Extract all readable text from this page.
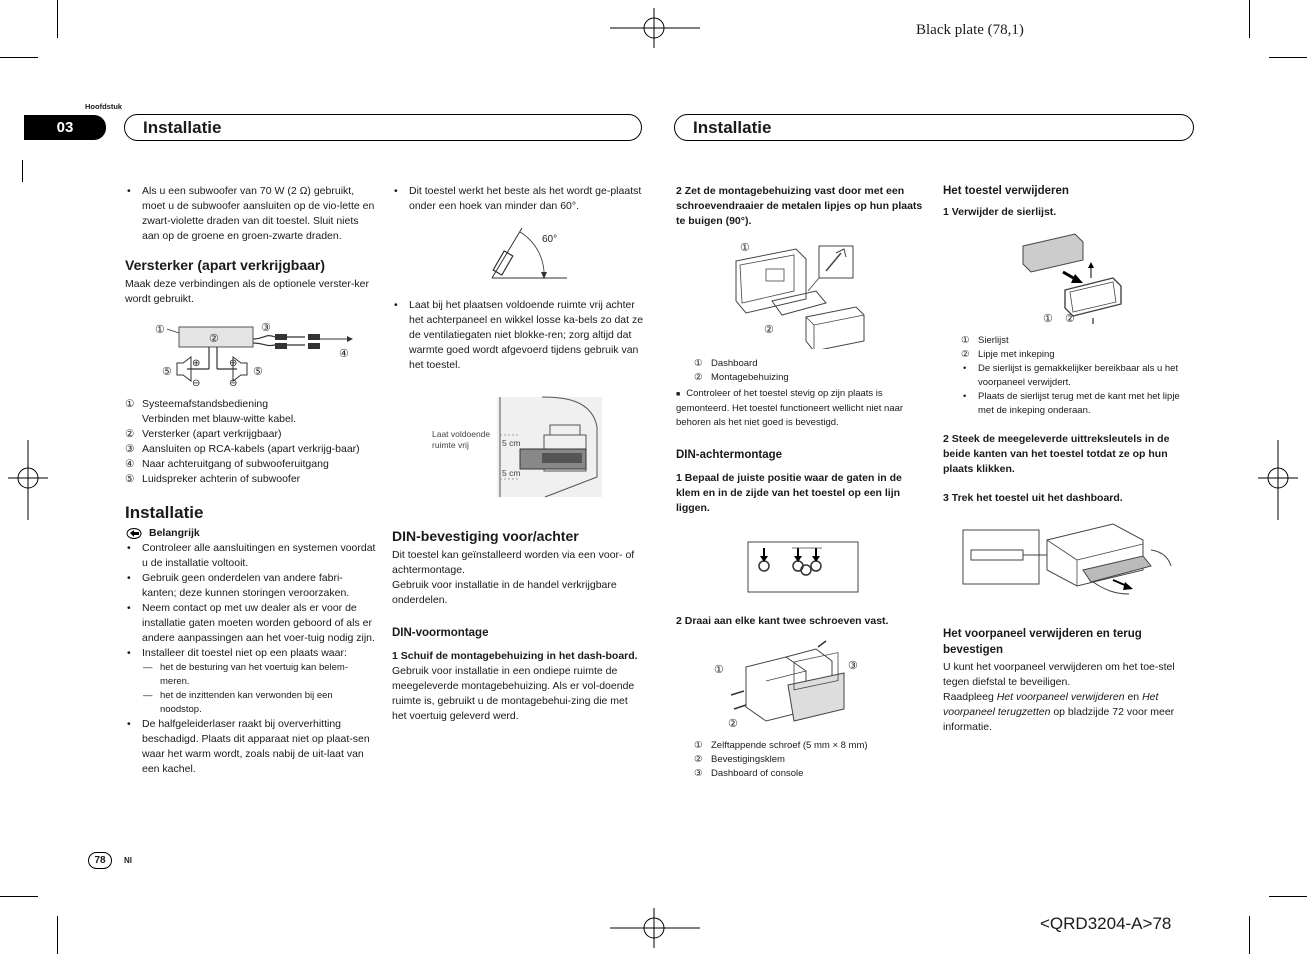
Black plate (78,1)
Hoofdstuk
03	Installatie	Installatie
• Als u een subwoofer van 70 W (2 Ω) gebruikt, moet u de subwoofer aansluiten op de vio-lette en zwart-violette draden van dit toestel. Sluit niets aan op de groene en groen-zwarte draden.
Versterker (apart verkrijgbaar)

Maak deze verbindingen als de optionele verster-ker wordt gebruikt.

①
②
③
④
⊕
⊖
⊕
⊖
⑤	⑤
① Systeemafstandsbediening
Verbinden met blauw-witte kabel.
② Versterker (apart verkrijgbaar)
③ Aansluiten op RCA-kabels (apart verkrijg-baar)
④ Naar achteruitgang of subwooferuitgang
⑤ Luidspreker achterin of subwoofer
Installatie
Belangrijk
• Controleer alle aansluitingen en systemen voordat u de installatie voltooit.
• Gebruik geen onderdelen van andere fabri-kanten; deze kunnen storingen veroorzaken.
• Neem contact op met uw dealer als er voor de installatie gaten moeten worden geboord of als er andere aanpassingen aan het voer-tuig nodig zijn.
• Installeer dit toestel niet op een plaats waar:
— het de besturing van het voertuig kan belem-meren.
— het de inzittenden kan verwonden bij een noodstop.
• De halfgeleiderlaser raakt bij oververhitting beschadigd. Plaats dit apparaat niet op plaat-sen waar het warm wordt, zoals nabij de uit-laat van een kachel.
• Dit toestel werkt het beste als het wordt ge-plaatst onder een hoek van minder dan 60°.
60°
• Laat bij het plaatsen voldoende ruimte vrij achter het achterpaneel en wikkel losse ka-bels zo dat ze de ventilatiegaten niet blokke-ren; zorg altijd dat warmte goed wordt afgevoerd tijdens gebruik van het toestel.
Laat voldoende
ruimte vrij	5 cm
5 cm
DIN-bevestiging voor/achter

Dit toestel kan geïnstalleerd worden via een voor- of achtermontage.

Gebruik voor installatie in de handel verkrijgbare onderdelen.

DIN-voormontage
1 Schuif de montagebehuizing in het dash-board.

Gebruik voor installatie in een ondiepe ruimte de meegeleverde montagebehuizing. Als er vol-doende ruimte is, gebruikt u de montagebehui-zing die met het voertuig geleverd werd.

2 Zet de montagebehuizing vast door met een schroevendraaier de metalen lipjes op hun plaats te buigen (90°).
①
②
① Dashboard
② Montagebehuizing

■ Controleer of het toestel stevig op zijn plaats is gemonteerd. Het toestel functioneert wellicht niet naar behoren als het niet goed is bevestigd.

DIN-achtermontage
1 Bepaal de juiste positie waar de gaten in de klem en in de zijde van het toestel op een lijn liggen.
2 Draai aan elke kant twee schroeven vast.
①
②
③
① Zelftappende schroef (5 mm × 8 mm)
② Bevestigingsklem
③ Dashboard of console
Het toestel verwijderen
1 Verwijder de sierlijst.
① ②
① Sierlijst
② Lipje met inkeping
• De sierlijst is gemakkelijker bereikbaar als u het voorpaneel verwijdert.
• Plaats de sierlijst terug met de kant met het lipje met de inkeping onderaan.
2 Steek de meegeleverde uittreksleutels in de beide kanten van het toestel totdat ze op hun plaats klikken.
3 Trek het toestel uit het dashboard.
Het voorpaneel verwijderen en terug bevestigen

U kunt het voorpaneel verwijderen om het toe-stel tegen diefstal te beveiligen.

Raadpleeg Het voorpaneel verwijderen en Het voorpaneel terugzetten op bladzijde 72 voor meer informatie.

78	Nl
<QRD3204-A>78
